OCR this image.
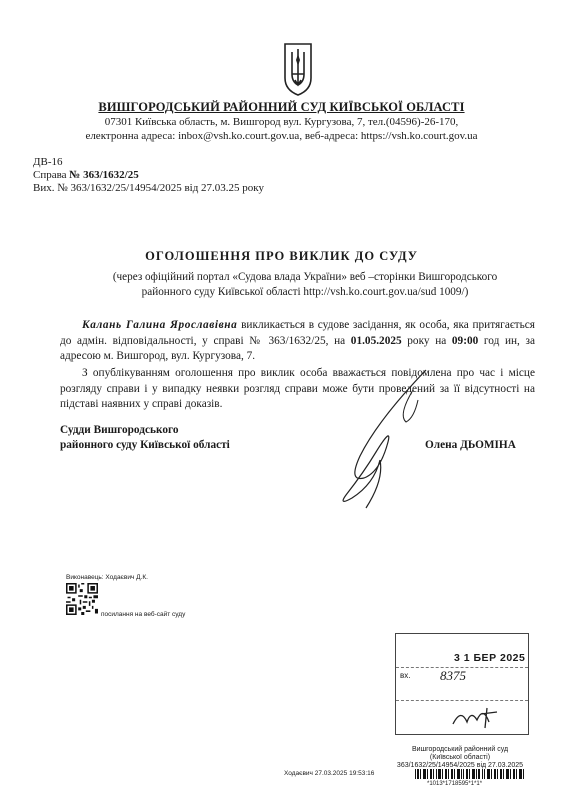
ВИШГОРОДСЬКИЙ РАЙОННИЙ СУД КИЇВСЬКОЇ ОБЛАСТІ
07301 Київська область, м. Вишгород вул. Кургузова, 7, тел.(04596)-26-170,
електронна адреса: inbox@vsh.ko.court.gov.ua, веб-адреса: https://vsh.ko.court.gov.ua
ДВ-16
Справа № 363/1632/25
Вих. № 363/1632/25/14954/2025 від 27.03.25 року
ОГОЛОШЕННЯ ПРО ВИКЛИК ДО СУДУ
(через офіційний портал «Судова влада України» веб –сторінки Вишгородського районного суду Київської області http://vsh.ko.court.gov.ua/sud 1009/)
Калань Галина Ярославівна викликається в судове засідання, як особа, яка притягається до адмін. відповідальності, у справі № 363/1632/25, на 01.05.2025 року на 09:00 год ин, за адресою м. Вишгород, вул. Кургузова, 7.
З опублікуванням оголошення про виклик особа вважається повідомлена про час і місце розгляду справи і у випадку неявки розгляд справи може бути проведений за її відсутності на підставі наявних у справі доказів.
Судди Вишгородського
районного суду Київської області	Олена ДЬОМІНА
Виконавець: Ходаєвич Д.К.
посилання на веб-сайт суду
3 1 БЕР 2025
вх. 8375
Вишгородський районний суд
(Київської області)
363/1632/25/14954/2025 від 27.03.2025
Ходаєвич 27.03.2025 19:53:16
*1013*1718595*1*1*
